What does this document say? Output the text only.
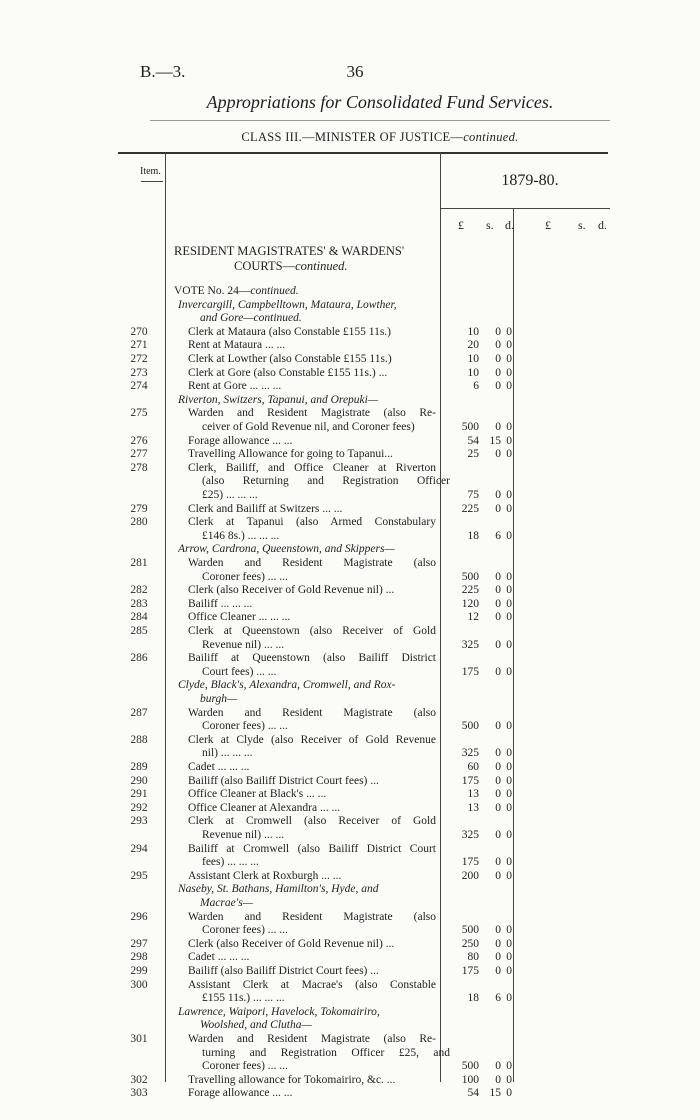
B.—3.	36
Appropriations for Consolidated Fund Services.
CLASS III.—MINISTER OF JUSTICE—continued.
Item.
1879-80.
£ s. d.	£ s. d.
RESIDENT MAGISTRATES' & WARDENS'
COURTS—continued.
VOTE No. 24—continued.
Invercargill, Campbelltown, Mataura, Lowther,
and Gore—continued.
270	Clerk at Mataura (also Constable £155 11s.)	10	0 0
271	Rent at Mataura ... ...	20	0 0
272	Clerk at Lowther (also Constable £155 11s.)	10	0 0
273	Clerk at Gore (also Constable £155 11s.) ...	10	0 0
274	Rent at Gore ... ... ...	6	0 0
Riverton, Switzers, Tapanui, and Orepuki—
275	Warden and Resident Magistrate (also Re-
ceiver of Gold Revenue nil, and Coroner fees)	500	0 0
276	Forage allowance ... ...	54 15 0
277	Travelling Allowance for going to Tapanui...	25	0 0
278	Clerk, Bailiff, and Office Cleaner at Riverton
(also Returning and Registration Officer
£25) ... ... ...	75	0 0
279	Clerk and Bailiff at Switzers ... ...	225	0 0
280	Clerk at Tapanui (also Armed Constabulary
£146 8s.) ... ... ...	18	6 0
Arrow, Cardrona, Queenstown, and Skippers—
281	Warden and Resident Magistrate (also
Coroner fees) ... ...	500	0 0
282	Clerk (also Receiver of Gold Revenue nil) ...	225	0 0
283	Bailiff ... ... ...	120	0 0
284	Office Cleaner ... ... ...	12	0 0
285	Clerk at Queenstown (also Receiver of Gold
Revenue nil) ... ...	325	0 0
286	Bailiff at Queenstown (also Bailiff District
Court fees) ... ...	175	0 0
Clyde, Black's, Alexandra, Cromwell, and Rox-
burgh—
287	Warden and Resident Magistrate (also
Coroner fees) ... ...	500	0 0
288	Clerk at Clyde (also Receiver of Gold Revenue
nil) ... ... ...	325	0 0
289	Cadet ... ... ...	60	0 0
290	Bailiff (also Bailiff District Court fees) ...	175	0 0
291	Office Cleaner at Black's ... ...	13	0 0
292	Office Cleaner at Alexandra ... ...	13	0 0
293	Clerk at Cromwell (also Receiver of Gold
Revenue nil) ... ...	325	0 0
294	Bailiff at Cromwell (also Bailiff District Court
fees) ... ... ...	175	0 0
295	Assistant Clerk at Roxburgh ... ...	200	0 0
Naseby, St. Bathans, Hamilton's, Hyde, and
Macrae's—
296	Warden and Resident Magistrate (also
Coroner fees) ... ...	500	0 0
297	Clerk (also Receiver of Gold Revenue nil) ...	250	0 0
298	Cadet ... ... ...	80	0 0
299	Bailiff (also Bailiff District Court fees) ...	175	0 0
300	Assistant Clerk at Macrae's (also Constable
£155 11s.) ... ... ...	18	6 0
Lawrence, Waipori, Havelock, Tokomairiro,
Woolshed, and Clutha—
301	Warden and Resident Magistrate (also Re-
turning and Registration Officer £25, and
Coroner fees) ... ...	500	0 0
302	Travelling allowance for Tokomairiro, &c. ...	100	0 0
303	Forage allowance ... ...	54 15 0
